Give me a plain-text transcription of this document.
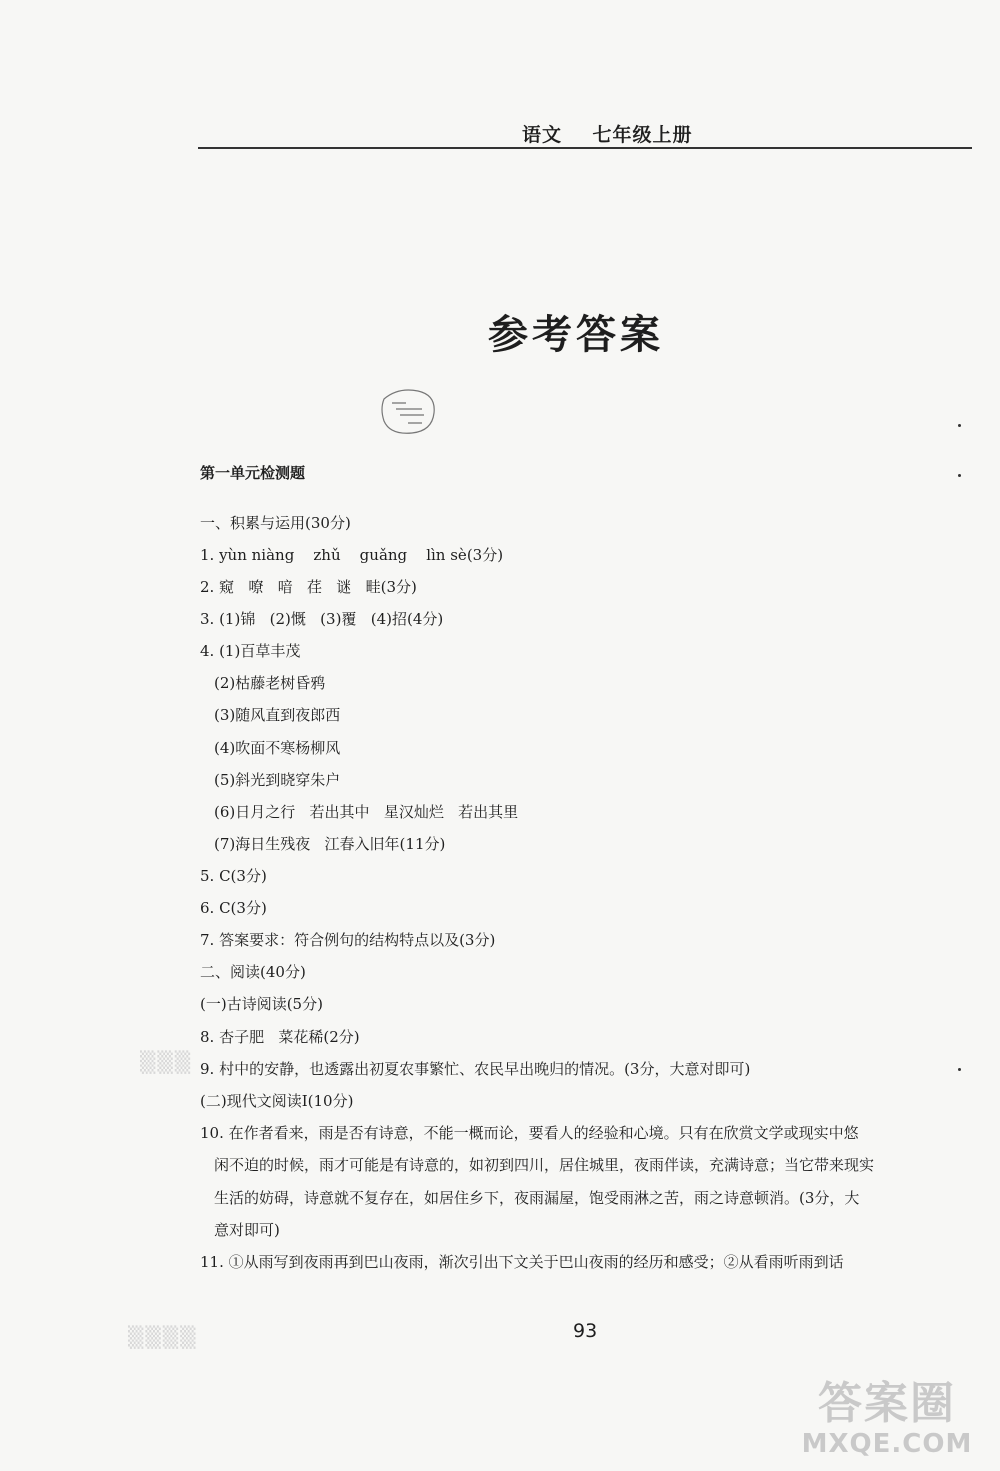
语文    七年级上册
参考答案
第一单元检测题
一、积累与运用(30分)
1. yùn niàng    zhǔ    guǎng    lìn sè(3分)
2. 窥   嘹   喑   荏   谜   畦(3分)
3. (1)锦   (2)慨   (3)覆   (4)招(4分)
4. (1)百草丰茂
(2)枯藤老树昏鸦
(3)随风直到夜郎西
(4)吹面不寒杨柳风
(5)斜光到晓穿朱户
(6)日月之行   若出其中   星汉灿烂   若出其里
(7)海日生残夜   江春入旧年(11分)
5. C(3分)
6. C(3分)
7. 答案要求：符合例句的结构特点以及(3分)
二、阅读(40分)
(一)古诗阅读(5分)
8. 杏子肥   菜花稀(2分)
9. 村中的安静，也透露出初夏农事繁忙、农民早出晚归的情况。(3分，大意对即可)
(二)现代文阅读Ⅰ(10分)
10. 在作者看来，雨是否有诗意，不能一概而论，要看人的经验和心境。只有在欣赏文学或现实中悠
闲不迫的时候，雨才可能是有诗意的，如初到四川，居住城里，夜雨伴读，充满诗意；当它带来现实
生活的妨碍，诗意就不复存在，如居住乡下，夜雨漏屋，饱受雨淋之苦，雨之诗意顿消。(3分，大
意对即可)
11. ①从雨写到夜雨再到巴山夜雨，渐次引出下文关于巴山夜雨的经历和感受；②从看雨听雨到话
93
▒▒▒
▒▒▒▒
答案圈
MXQE.COM
